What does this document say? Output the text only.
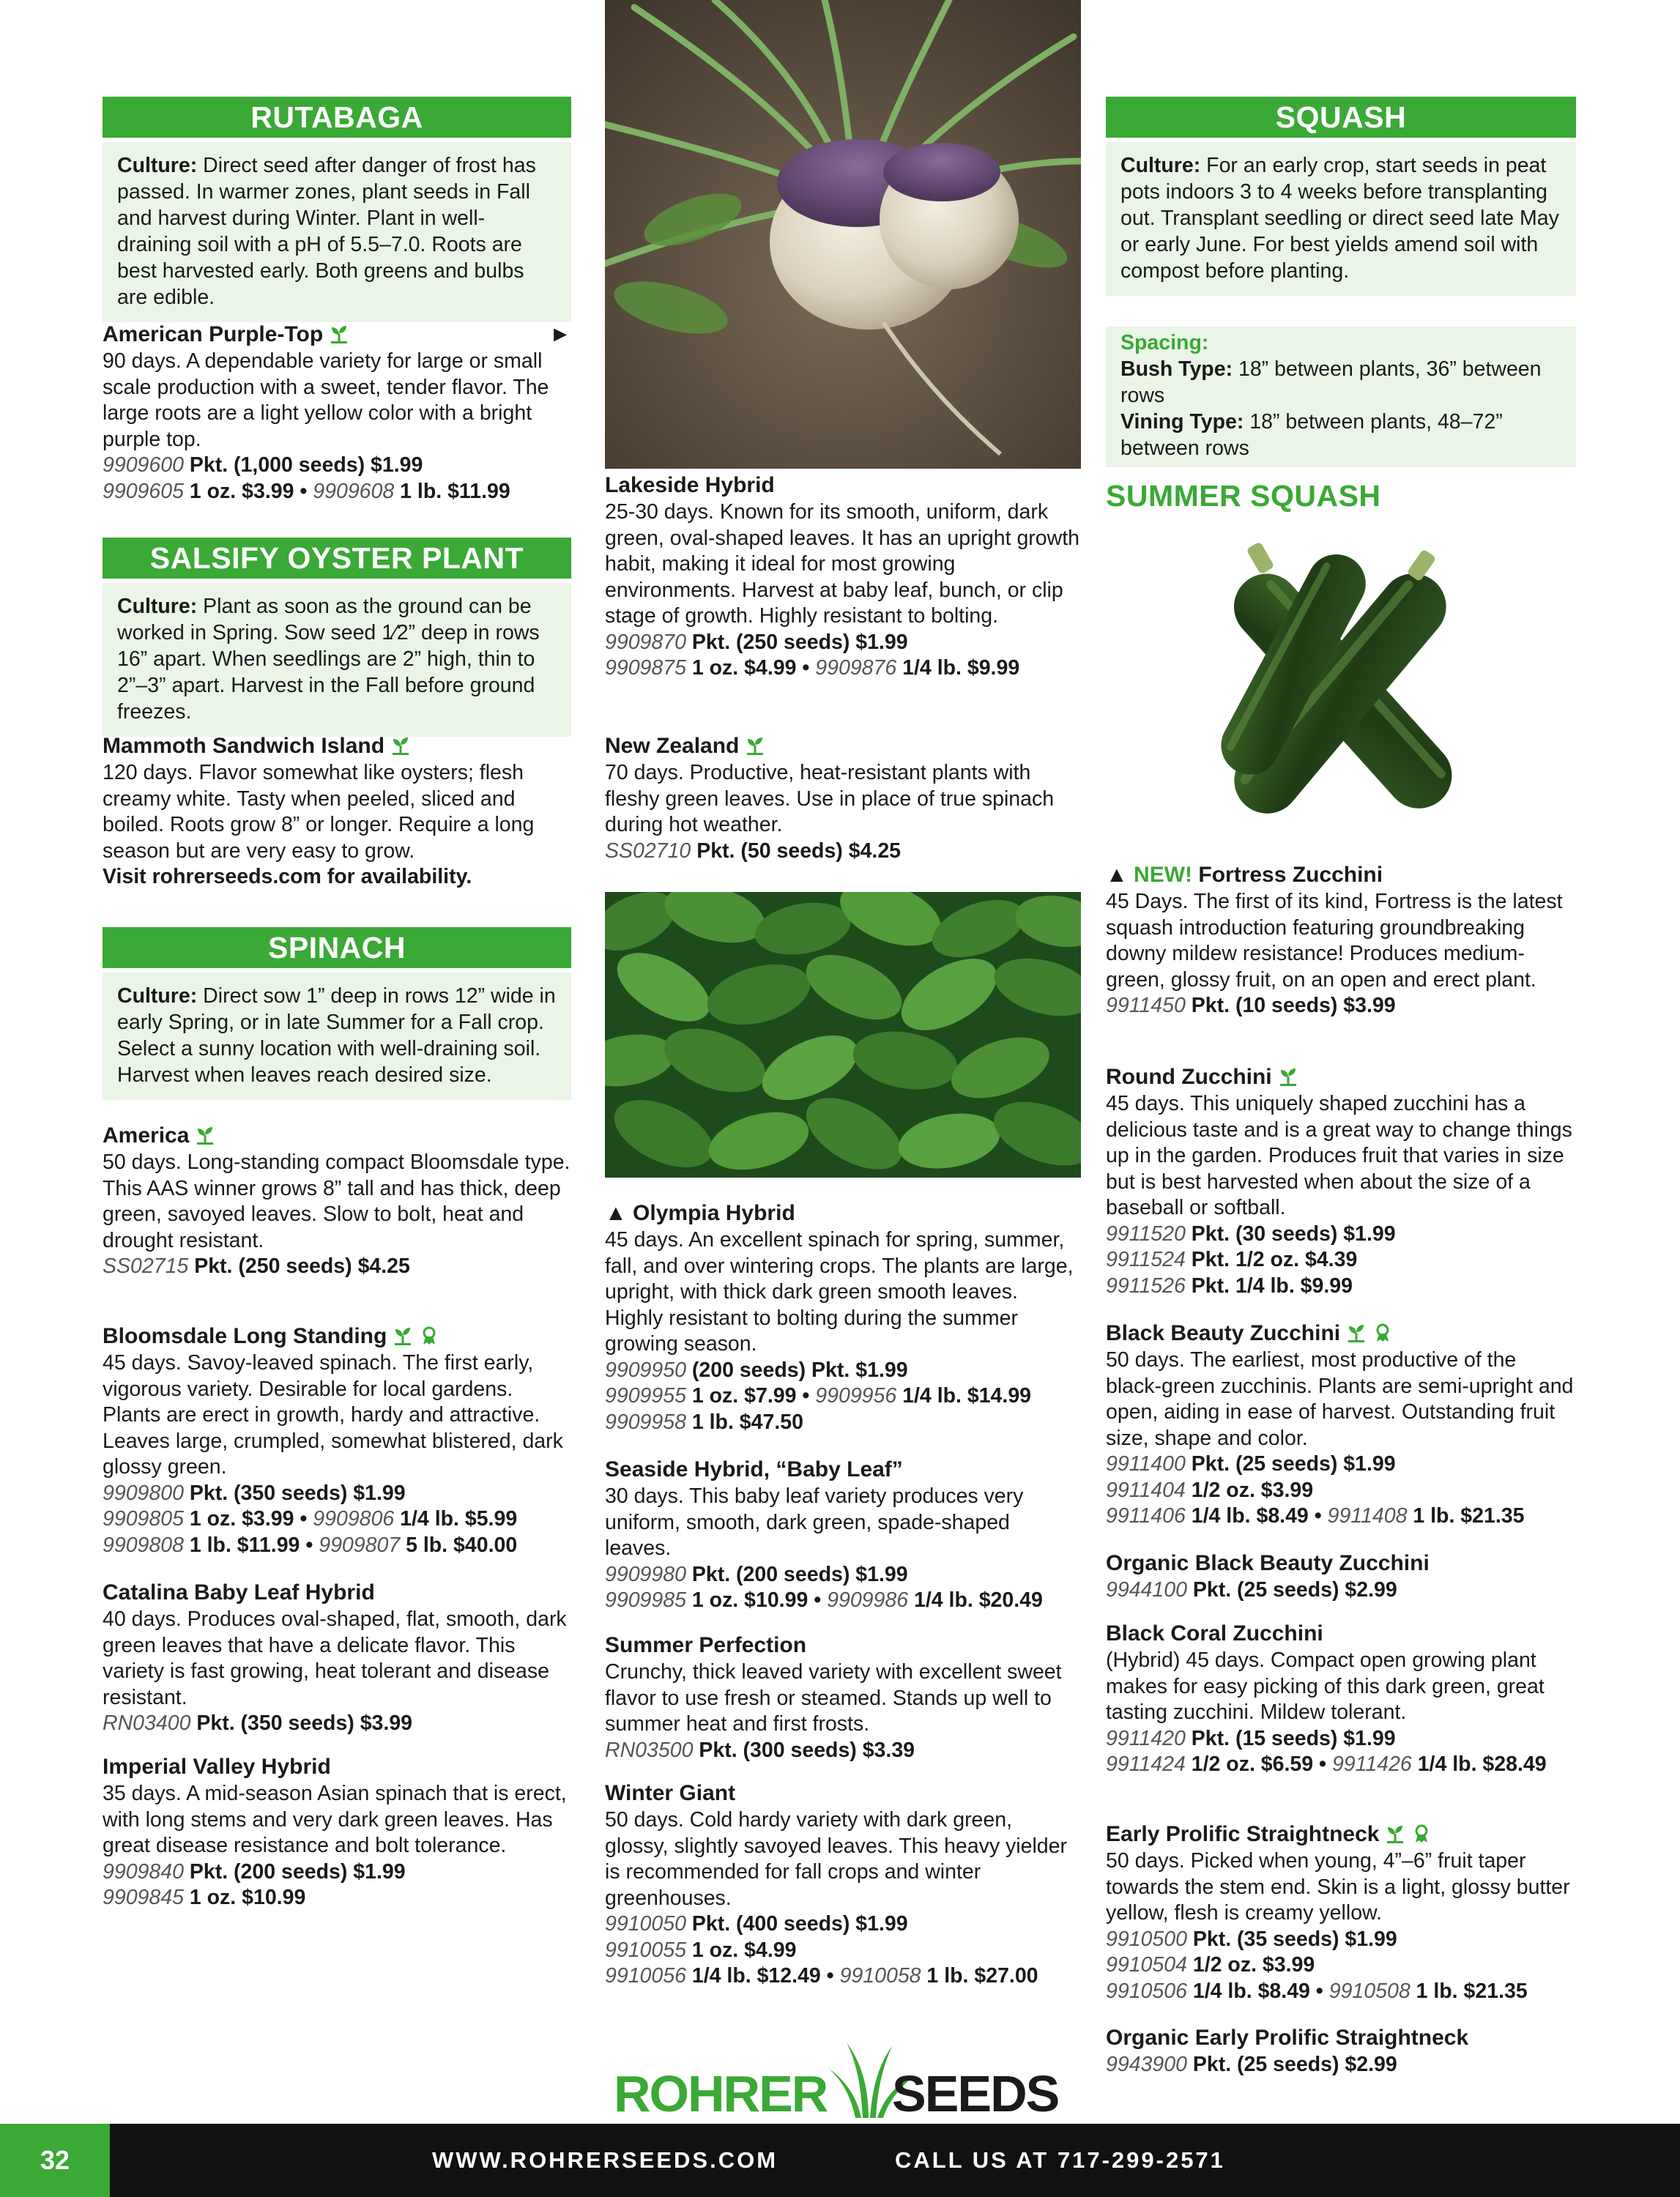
RUTABAGA
Culture: Direct seed after danger of frost has passed. In warmer zones, plant seeds in Fall and harvest during Winter. Plant in well-draining soil with a pH of 5.5–7.0. Roots are best harvested early. Both greens and bulbs are edible.
American Purple-Top	►
90 days. A dependable variety for large or small scale production with a sweet, tender flavor. The large roots are a light yellow color with a bright purple top.
9909600 Pkt. (1,000 seeds) $1.99
9909605 1 oz. $3.99 • 9909608 1 lb. $11.99
SALSIFY OYSTER PLANT
Culture: Plant as soon as the ground can be worked in Spring. Sow seed 1⁄2” deep in rows 16” apart. When seedlings are 2” high, thin to 2”–3” apart. Harvest in the Fall before ground freezes.
Mammoth Sandwich Island
120 days. Flavor somewhat like oysters; flesh creamy white. Tasty when peeled, sliced and boiled. Roots grow 8” or longer. Require a long season but are very easy to grow.
Visit rohrerseeds.com for availability.
SPINACH
Culture: Direct sow 1” deep in rows 12” wide in early Spring, or in late Summer for a Fall crop. Select a sunny location with well-draining soil. Harvest when leaves reach desired size.
America
50 days. Long-standing compact Bloomsdale type. This AAS winner grows 8” tall and has thick, deep green, savoyed leaves. Slow to bolt, heat and drought resistant.
SS02715 Pkt. (250 seeds) $4.25
Bloomsdale Long Standing
45 days. Savoy-leaved spinach. The first early, vigorous variety. Desirable for local gardens. Plants are erect in growth, hardy and attractive. Leaves large, crumpled, somewhat blistered, dark glossy green.
9909800 Pkt. (350 seeds) $1.99
9909805 1 oz. $3.99 • 9909806 1/4 lb. $5.99
9909808 1 lb. $11.99 • 9909807 5 lb. $40.00
Catalina Baby Leaf Hybrid
40 days. Produces oval-shaped, flat, smooth, dark green leaves that have a delicate flavor. This variety is fast growing, heat tolerant and disease resistant.
RN03400 Pkt. (350 seeds) $3.99
Imperial Valley Hybrid
35 days. A mid-season Asian spinach that is erect, with long stems and very dark green leaves. Has great disease resistance and bolt tolerance.
9909840 Pkt. (200 seeds) $1.99
9909845 1 oz. $10.99
Lakeside Hybrid
25-30 days. Known for its smooth, uniform, dark green, oval-shaped leaves. It has an upright growth habit, making it ideal for most growing environments. Harvest at baby leaf, bunch, or clip stage of growth. Highly resistant to bolting.
9909870 Pkt. (250 seeds) $1.99
9909875 1 oz. $4.99 • 9909876 1/4 lb. $9.99
New Zealand
70 days. Productive, heat-resistant plants with fleshy green leaves. Use in place of true spinach during hot weather.
SS02710 Pkt. (50 seeds) $4.25
▲ Olympia Hybrid
45 days. An excellent spinach for spring, summer, fall, and over wintering crops. The plants are large, upright, with thick dark green smooth leaves. Highly resistant to bolting during the summer growing season.
9909950 (200 seeds) Pkt. $1.99
9909955 1 oz. $7.99 • 9909956 1/4 lb. $14.99
9909958 1 lb. $47.50
Seaside Hybrid, “Baby Leaf”
30 days. This baby leaf variety produces very uniform, smooth, dark green, spade-shaped leaves.
9909980 Pkt. (200 seeds) $1.99
9909985 1 oz. $10.99 • 9909986 1/4 lb. $20.49
Summer Perfection
Crunchy, thick leaved variety with excellent sweet flavor to use fresh or steamed. Stands up well to summer heat and first frosts.
RN03500 Pkt. (300 seeds) $3.39
Winter Giant
50 days. Cold hardy variety with dark green, glossy, slightly savoyed leaves. This heavy yielder is recommended for fall crops and winter greenhouses.
9910050 Pkt. (400 seeds) $1.99
9910055 1 oz. $4.99
9910056 1/4 lb. $12.49 • 9910058 1 lb. $27.00
ROHRER SEEDS
SQUASH
Culture: For an early crop, start seeds in peat pots indoors 3 to 4 weeks before transplanting out. Transplant seedling or direct seed late May or early June. For best yields amend soil with compost before planting.
Spacing:
Bush Type: 18” between plants, 36” between rows
Vining Type: 18” between plants, 48–72” between rows
SUMMER SQUASH
▲ NEW! Fortress Zucchini
45 Days. The first of its kind, Fortress is the latest squash introduction featuring groundbreaking downy mildew resistance! Produces medium-green, glossy fruit, on an open and erect plant.
9911450 Pkt. (10 seeds) $3.99
Round Zucchini
45 days. This uniquely shaped zucchini has a delicious taste and is a great way to change things up in the garden. Produces fruit that varies in size but is best harvested when about the size of a baseball or softball.
9911520 Pkt. (30 seeds) $1.99
9911524 Pkt. 1/2 oz. $4.39
9911526 Pkt. 1/4 lb. $9.99
Black Beauty Zucchini
50 days. The earliest, most productive of the black-green zucchinis. Plants are semi-upright and open, aiding in ease of harvest. Outstanding fruit size, shape and color.
9911400 Pkt. (25 seeds) $1.99
9911404 1/2 oz. $3.99
9911406 1/4 lb. $8.49 • 9911408 1 lb. $21.35
Organic Black Beauty Zucchini
9944100 Pkt. (25 seeds) $2.99
Black Coral Zucchini
(Hybrid) 45 days. Compact open growing plant makes for easy picking of this dark green, great tasting zucchini. Mildew tolerant.
9911420 Pkt. (15 seeds) $1.99
9911424 1/2 oz. $6.59 • 9911426 1/4 lb. $28.49
Early Prolific Straightneck
50 days. Picked when young, 4”–6” fruit taper towards the stem end. Skin is a light, glossy butter yellow, flesh is creamy yellow.
9910500 Pkt. (35 seeds) $1.99
9910504 1/2 oz. $3.99
9910506 1/4 lb. $8.49 • 9910508 1 lb. $21.35
Organic Early Prolific Straightneck
9943900 Pkt. (25 seeds) $2.99
32	WWW.ROHRERSEEDS.COM	CALL US AT 717-299-2571
